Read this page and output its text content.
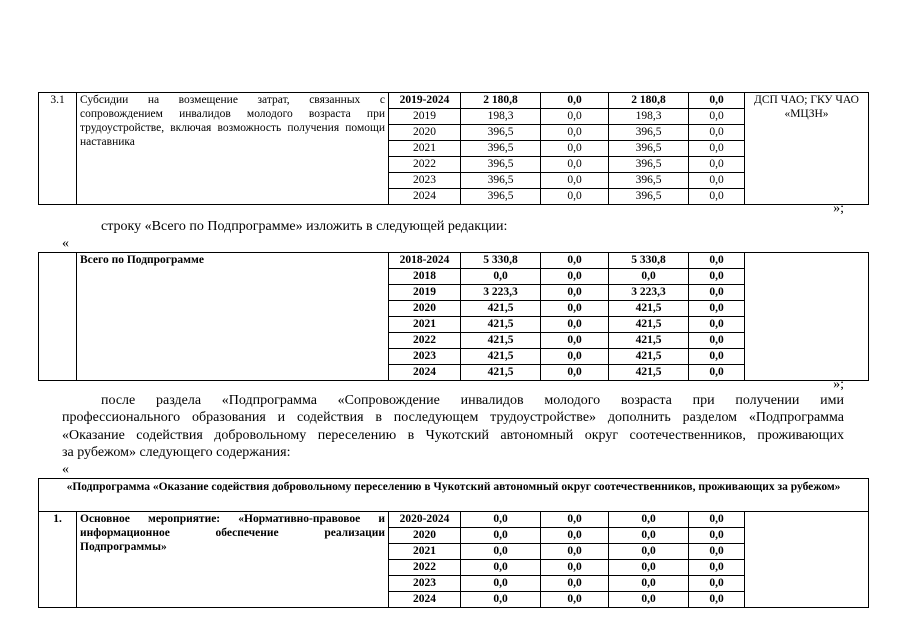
3.1	Субсидии на возмещение затрат, связанных с сопровождением инвалидов молодого возраста при трудоустройстве, включая возможность получения помощи наставника	2019-2024	2 180,8	0,0	2 180,8	0,0	ДСП ЧАО; ГКУ ЧАО «МЦЗН»
		2019	198,3	0,0	198,3	0,0	
		2020	396,5	0,0	396,5	0,0	
		2021	396,5	0,0	396,5	0,0	
		2022	396,5	0,0	396,5	0,0	
		2023	396,5	0,0	396,5	0,0	
		2024	396,5	0,0	396,5	0,0	
»;
строку «Всего по Подпрограмме» изложить в следующей редакции:
«
	Всего по Подпрограмме	2018-2024	5 330,8	0,0	5 330,8	0,0	
		2018	0,0	0,0	0,0	0,0	
		2019	3 223,3	0,0	3 223,3	0,0	
		2020	421,5	0,0	421,5	0,0	
		2021	421,5	0,0	421,5	0,0	
		2022	421,5	0,0	421,5	0,0	
		2023	421,5	0,0	421,5	0,0	
		2024	421,5	0,0	421,5	0,0	
»;
после раздела «Подпрограмма «Сопровождение инвалидов молодого возраста при получении ими
профессионального образования и содействия в последующем трудоустройстве» дополнить разделом «Подпрограмма
«Оказание содействия добровольному переселению в Чукотский автономный округ соотечественников, проживающих
за рубежом» следующего содержания:
«
«Подпрограмма «Оказание содействия добровольному переселению в Чукотский автономный округ соотечественников, проживающих за рубежом»							
1.	Основное мероприятие: «Нормативно-правовое и информационное обеспечение реализации Подпрограммы»	2020-2024	0,0	0,0	0,0	0,0	
		2020	0,0	0,0	0,0	0,0	
		2021	0,0	0,0	0,0	0,0	
		2022	0,0	0,0	0,0	0,0	
		2023	0,0	0,0	0,0	0,0	
		2024	0,0	0,0	0,0	0,0	
